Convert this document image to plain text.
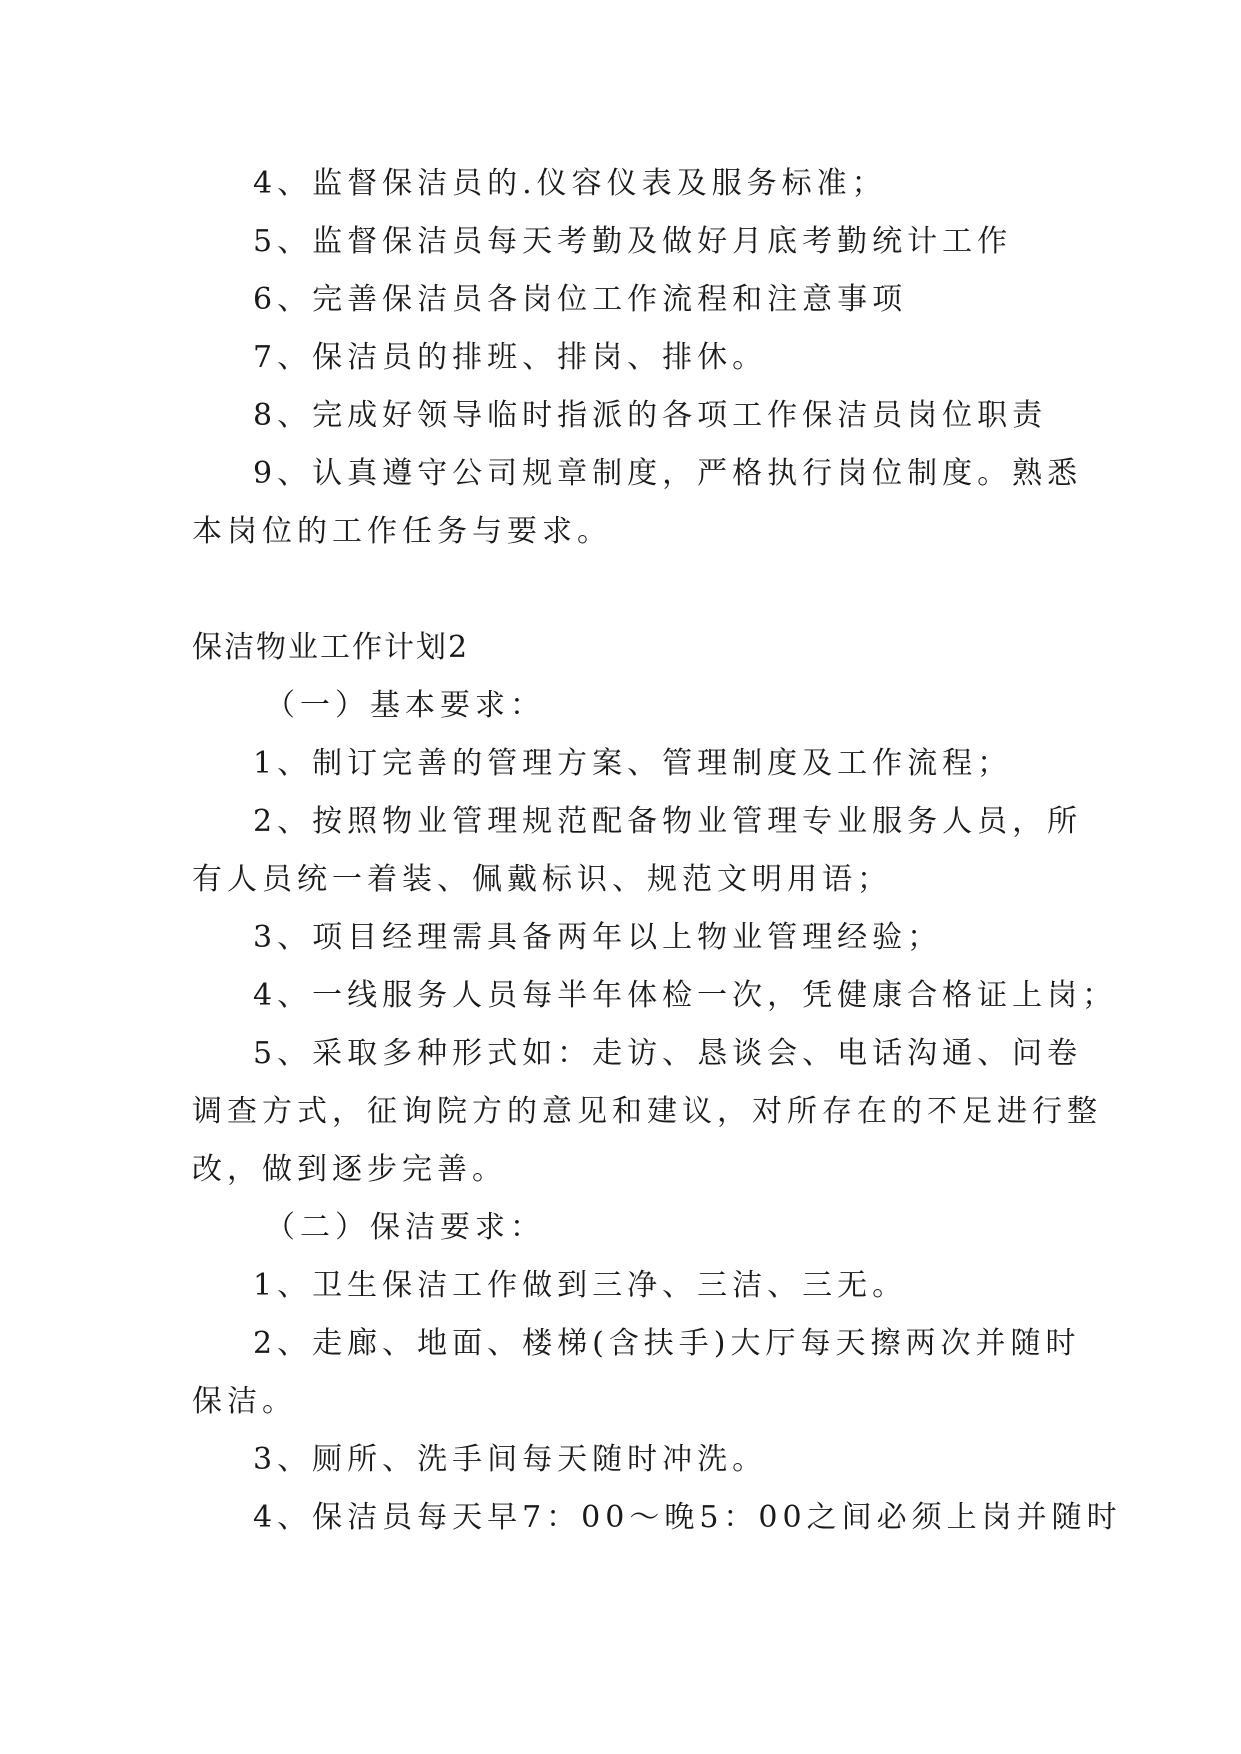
4、监督保洁员的.仪容仪表及服务标准；
5、监督保洁员每天考勤及做好月底考勤统计工作
6、完善保洁员各岗位工作流程和注意事项
7、保洁员的排班、排岗、排休。
8、完成好领导临时指派的各项工作保洁员岗位职责
9、认真遵守公司规章制度，严格执行岗位制度。熟悉
本岗位的工作任务与要求。
保洁物业工作计划2
（一）基本要求：
1、制订完善的管理方案、管理制度及工作流程；
2、按照物业管理规范配备物业管理专业服务人员，所
有人员统一着装、佩戴标识、规范文明用语；
3、项目经理需具备两年以上物业管理经验；
4、一线服务人员每半年体检一次，凭健康合格证上岗；
5、采取多种形式如：走访、恳谈会、电话沟通、问卷
调查方式，征询院方的意见和建议，对所存在的不足进行整
改，做到逐步完善。
（二）保洁要求：
1、卫生保洁工作做到三净、三洁、三无。
2、走廊、地面、楼梯(含扶手)大厅每天擦两次并随时
保洁。
3、厕所、洗手间每天随时冲洗。
4、保洁员每天早7：00～晚5：00之间必须上岗并随时
